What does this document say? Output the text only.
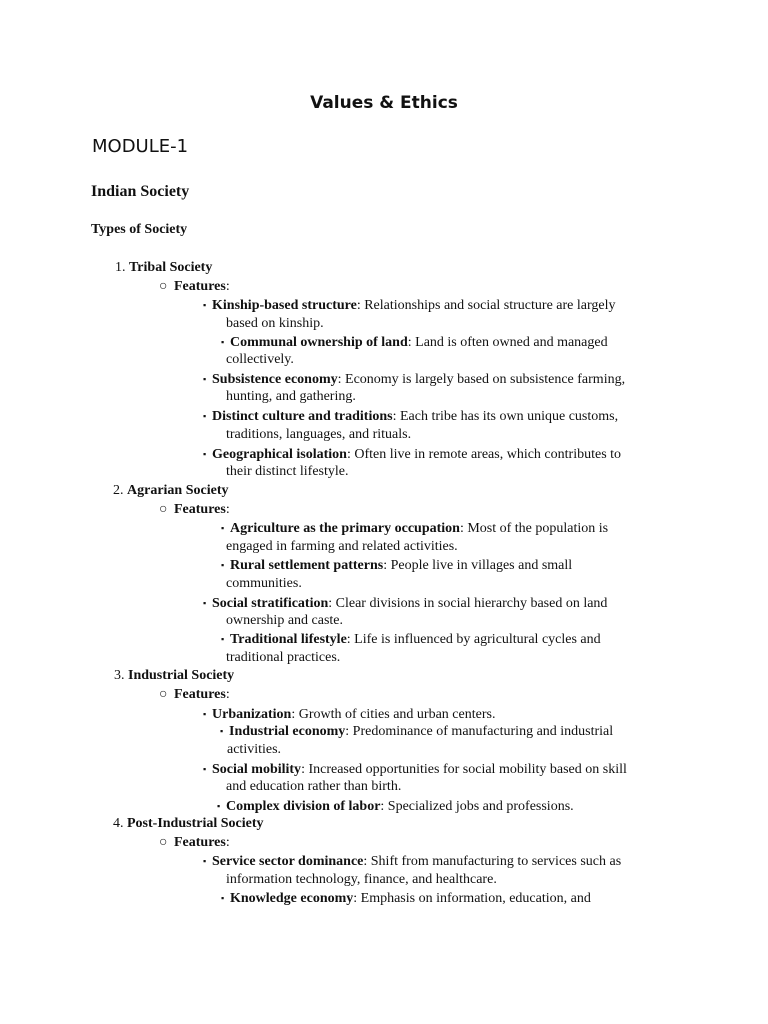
Values & Ethics
MODULE-1
Indian Society
Types of Society
1. Tribal Society
○ Features:
▪ Kinship-based structure: Relationships and social structure are largely
based on kinship.
▪ Communal ownership of land: Land is often owned and managed
collectively.
▪ Subsistence economy: Economy is largely based on subsistence farming,
hunting, and gathering.
▪ Distinct culture and traditions: Each tribe has its own unique customs,
traditions, languages, and rituals.
▪ Geographical isolation: Often live in remote areas, which contributes to
their distinct lifestyle.
2. Agrarian Society
○ Features:
▪ Agriculture as the primary occupation: Most of the population is
engaged in farming and related activities.
▪ Rural settlement patterns: People live in villages and small
communities.
▪ Social stratification: Clear divisions in social hierarchy based on land
ownership and caste.
▪ Traditional lifestyle: Life is influenced by agricultural cycles and
traditional practices.
3. Industrial Society
○ Features:
▪ Urbanization: Growth of cities and urban centers.
▪ Industrial economy: Predominance of manufacturing and industrial
activities.
▪ Social mobility: Increased opportunities for social mobility based on skill
and education rather than birth.
▪ Complex division of labor: Specialized jobs and professions.
4. Post-Industrial Society
○ Features:
▪ Service sector dominance: Shift from manufacturing to services such as
information technology, finance, and healthcare.
▪ Knowledge economy: Emphasis on information, education, and
